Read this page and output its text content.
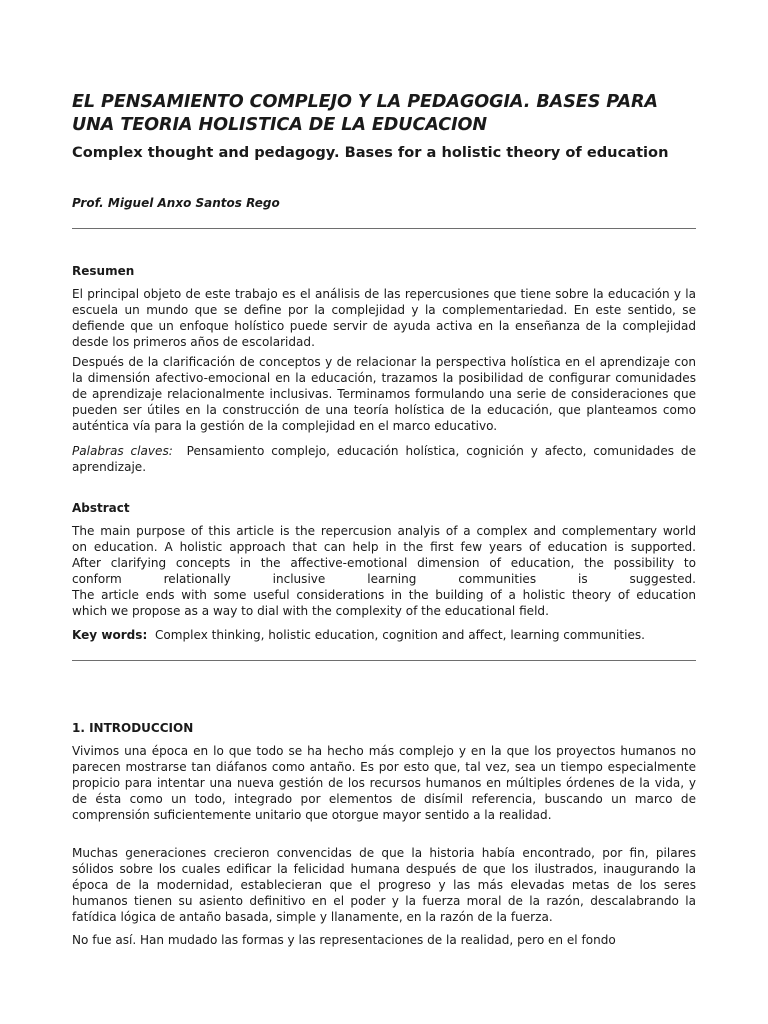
EL PENSAMIENTO COMPLEJO Y LA PEDAGOGIA. BASES PARA UNA TEORIA HOLISTICA DE LA EDUCACION
Complex thought and pedagogy. Bases for a holistic theory of education

Prof. Miguel Anxo Santos Rego

Resumen

El principal objeto de este trabajo es el análisis de las repercusiones que tiene sobre la educación y la escuela un mundo que se define por la complejidad y la complementariedad. En este sentido, se defiende que un enfoque holístico puede servir de ayuda activa en la enseñanza de la complejidad desde los primeros años de escolaridad.

Después de la clarificación de conceptos y de relacionar la perspectiva holística en el aprendizaje con la dimensión afectivo-emocional en la educación, trazamos la posibilidad de configurar comunidades de aprendizaje relacionalmente inclusivas. Terminamos formulando una serie de consideraciones que pueden ser útiles en la construcción de una teoría holística de la educación, que planteamos como auténtica vía para la gestión de la complejidad en el marco educativo.

Palabras claves: Pensamiento complejo, educación holística, cognición y afecto, comunidades de aprendizaje.

Abstract
The main purpose of this article is the repercusion analyis of a complex and complementary world
on education. A holistic approach that can help in the first few years of education is supported.
After clarifying concepts in the affective-emotional dimension of education, the possibility to
conform relationally inclusive learning communities is suggested.
The article ends with some useful considerations in the building of a holistic theory of education
which we propose as a way to dial with the complexity of the educational field.

Key words: Complex thinking, holistic education, cognition and affect, learning communities.

1. INTRODUCCION

Vivimos una época en lo que todo se ha hecho más complejo y en la que los proyectos humanos no parecen mostrarse tan diáfanos como antaño. Es por esto que, tal vez, sea un tiempo especialmente propicio para intentar una nueva gestión de los recursos humanos en múltiples órdenes de la vida, y de ésta como un todo, integrado por elementos de disímil referencia, buscando un marco de comprensión suficientemente unitario que otorgue mayor sentido a la realidad.

Muchas generaciones crecieron convencidas de que la historia había encontrado, por fin, pilares sólidos sobre los cuales edificar la felicidad humana después de que los ilustrados, inaugurando la época de la modernidad, establecieran que el progreso y las más elevadas metas de los seres humanos tienen su asiento definitivo en el poder y la fuerza moral de la razón, descalabrando la fatídica lógica de antaño basada, simple y llanamente, en la razón de la fuerza.

No fue así. Han mudado las formas y las representaciones de la realidad, pero en el fondo
